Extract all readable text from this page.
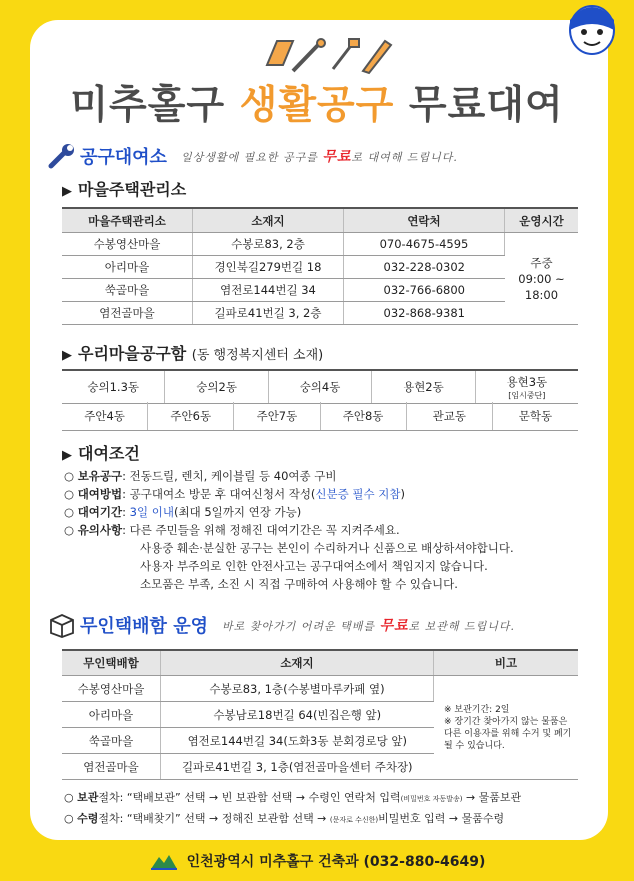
미추홀구 생활공구 무료대여
공구대여소 일상생활에 필요한 공구를 무료로 대여해 드립니다.
▶ 마을주택관리소
마을주택관리소	소재지	연락처	운영시간
수봉영산마을	수봉로83, 2층	070-4675-4595	주중
09:00 ~ 18:00

아리마을	경인북길279번길 18	032-228-0302	
쑥골마을	염전로144번길 34	032-766-6800	
염전골마을	길파로41번길 3, 2층	032-868-9381	
▶ 우리마을공구함 (동 행정복지센터 소재)
숭의1.3동	숭의2동	숭의4동	용현2동	용현3동
[임시중단]
주안4동	주안6동	주안7동	주안8동	관교동	문학동
▶ 대여조건
○ 보유공구: 전동드릴, 렌치, 케이블릴 등 40여종 구비
○ 대여방법: 공구대여소 방문 후 대여신청서 작성(신분증 필수 지참)
○ 대여기간: 3일 이내(최대 5일까지 연장 가능)
○ 유의사항: 다른 주민들을 위해 정해진 대여기간은 꼭 지켜주세요.
사용중 훼손·분실한 공구는 본인이 수리하거나 신품으로 배상하셔야합니다.
사용자 부주의로 인한 안전사고는 공구대여소에서 책임지지 않습니다.
소모품은 부족, 소진 시 직접 구매하여 사용해야 할 수 있습니다.
무인택배함 운영 바로 찾아가기 어려운 택배를 무료로 보관해 드립니다.
무인택배함	소재지	비고
수봉영산마을	수봉로83, 1층(수봉별마루카페 옆)	※ 보관기간: 2일
※ 장기간 찾아가지 않는 물품은 다른 이용자를 위해 수거 및 폐기될 수 있습니다.

아리마을	수봉남로18번길 64(빈집은행 앞)	
쑥골마을	염전로144번길 34(도화3동 분회경로당 앞)	
염전골마을	길파로41번길 3, 1층(염전골마을센터 주차장)	
○ 보관절차: “택배보관” 선택 → 빈 보관함 선택 → 수령인 연락처 입력(비밀번호 자동발송) → 물품보관
○ 수령절차: “택배찾기” 선택 → 정해진 보관함 선택 → (문자로 수신한)비밀번호 입력 → 물품수령
인천광역시 미추홀구 건축과 (032-880-4649)
